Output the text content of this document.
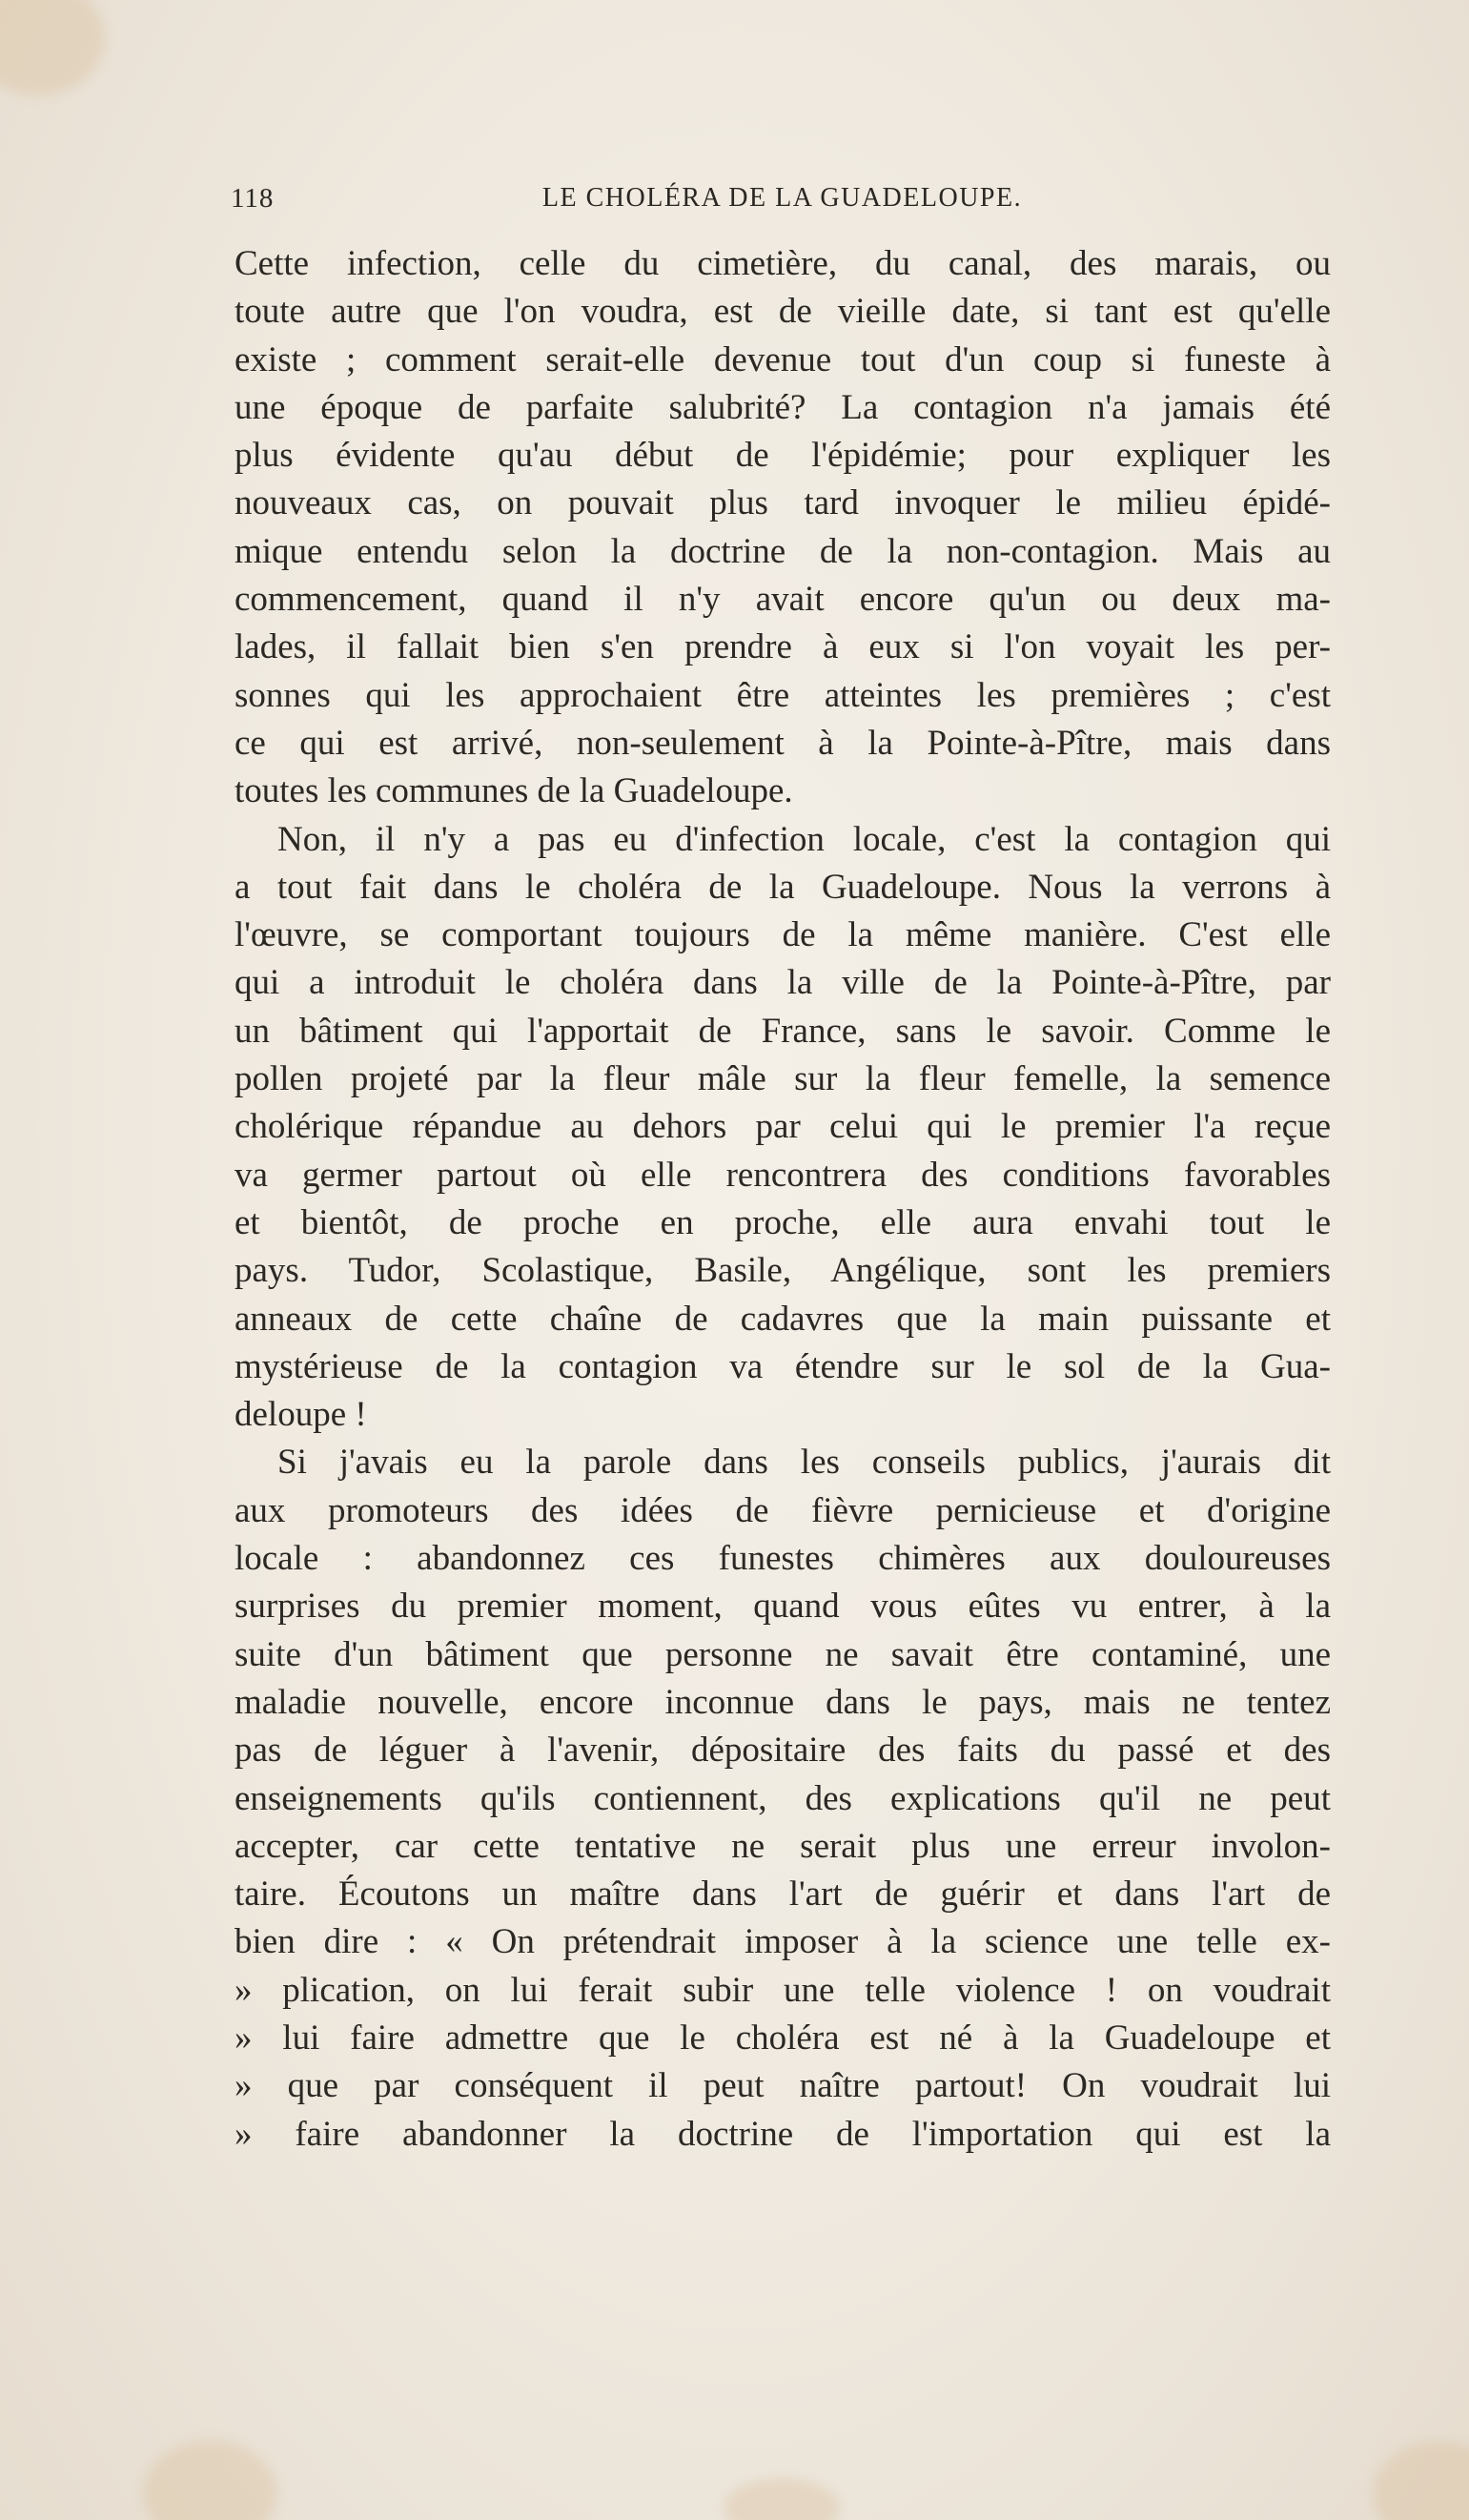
118	LE CHOLÉRA DE LA GUADELOUPE.
Cette infection, celle du cimetière, du canal, des marais, ou
toute autre que l'on voudra, est de vieille date, si tant est qu'elle
existe ; comment serait-elle devenue tout d'un coup si funeste à
une époque de parfaite salubrité? La contagion n'a jamais été
plus évidente qu'au début de l'épidémie; pour expliquer les
nouveaux cas, on pouvait plus tard invoquer le milieu épidé-
mique entendu selon la doctrine de la non-contagion. Mais au
commencement, quand il n'y avait encore qu'un ou deux ma-
lades, il fallait bien s'en prendre à eux si l'on voyait les per-
sonnes qui les approchaient être atteintes les premières ; c'est
ce qui est arrivé, non-seulement à la Pointe-à-Pître, mais dans
toutes les communes de la Guadeloupe.
Non, il n'y a pas eu d'infection locale, c'est la contagion qui
a tout fait dans le choléra de la Guadeloupe. Nous la verrons à
l'œuvre, se comportant toujours de la même manière. C'est elle
qui a introduit le choléra dans la ville de la Pointe-à-Pître, par
un bâtiment qui l'apportait de France, sans le savoir. Comme le
pollen projeté par la fleur mâle sur la fleur femelle, la semence
cholérique répandue au dehors par celui qui le premier l'a reçue
va germer partout où elle rencontrera des conditions favorables
et bientôt, de proche en proche, elle aura envahi tout le
pays. Tudor, Scolastique, Basile, Angélique, sont les premiers
anneaux de cette chaîne de cadavres que la main puissante et
mystérieuse de la contagion va étendre sur le sol de la Gua-
deloupe !
Si j'avais eu la parole dans les conseils publics, j'aurais dit
aux promoteurs des idées de fièvre pernicieuse et d'origine
locale : abandonnez ces funestes chimères aux douloureuses
surprises du premier moment, quand vous eûtes vu entrer, à la
suite d'un bâtiment que personne ne savait être contaminé, une
maladie nouvelle, encore inconnue dans le pays, mais ne tentez
pas de léguer à l'avenir, dépositaire des faits du passé et des
enseignements qu'ils contiennent, des explications qu'il ne peut
accepter, car cette tentative ne serait plus une erreur involon-
taire. Écoutons un maître dans l'art de guérir et dans l'art de
bien dire : « On prétendrait imposer à la science une telle ex-
» plication, on lui ferait subir une telle violence ! on voudrait
» lui faire admettre que le choléra est né à la Guadeloupe et
» que par conséquent il peut naître partout! On voudrait lui
» faire abandonner la doctrine de l'importation qui est la
